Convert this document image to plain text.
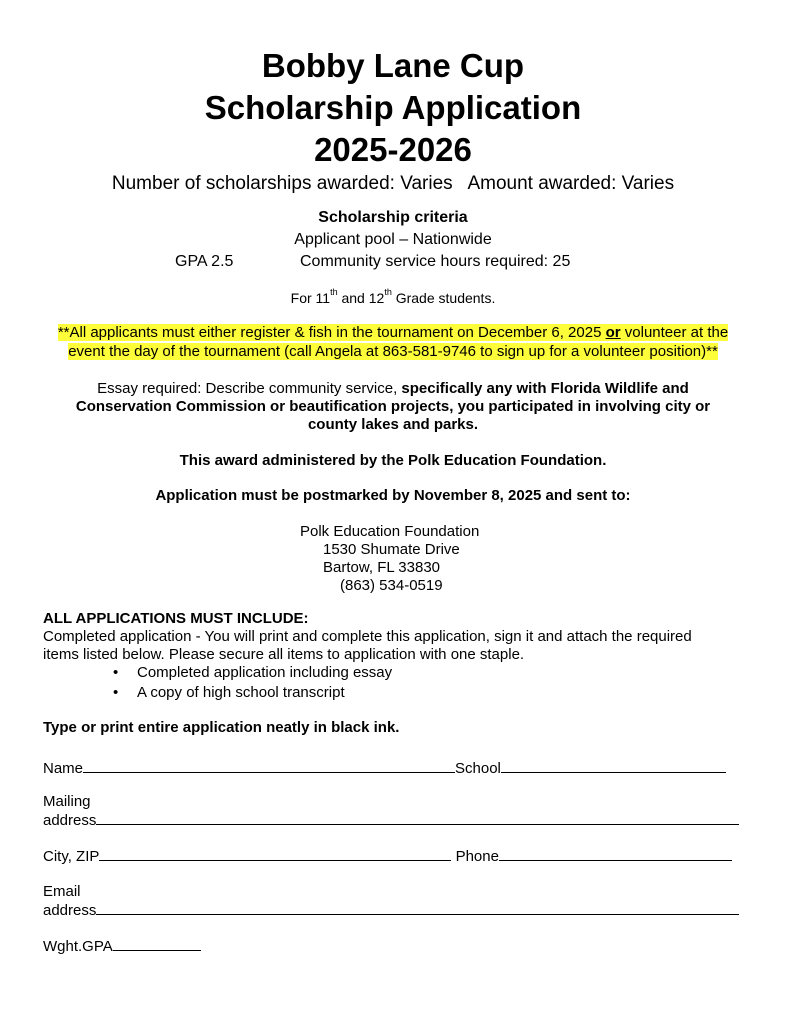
Bobby Lane Cup
Scholarship Application
2025-2026
Number of scholarships awarded: Varies Amount awarded: Varies
Scholarship criteria
Applicant pool – Nationwide
GPA 2.5	Community service hours required: 25
For 11th and 12th Grade students.
**All applicants must either register & fish in the tournament on December 6, 2025 or volunteer at the
event the day of the tournament (call Angela at 863-581-9746 to sign up for a volunteer position)**
Essay required: Describe community service, specifically any with Florida Wildlife and
Conservation Commission or beautification projects, you participated in involving city or
county lakes and parks.
This award administered by the Polk Education Foundation.
Application must be postmarked by November 8, 2025 and sent to:
Polk Education Foundation
1530 Shumate Drive
Bartow, FL 33830
(863) 534-0519
ALL APPLICATIONS MUST INCLUDE:
Completed application - You will print and complete this application, sign it and attach the required
items listed below. Please secure all items to application with one staple.
• Completed application including essay
• A copy of high school transcript
Type or print entire application neatly in black ink.
Name	School
Mailing
address
City, ZIP	Phone
Email
address
Wght.GPA
